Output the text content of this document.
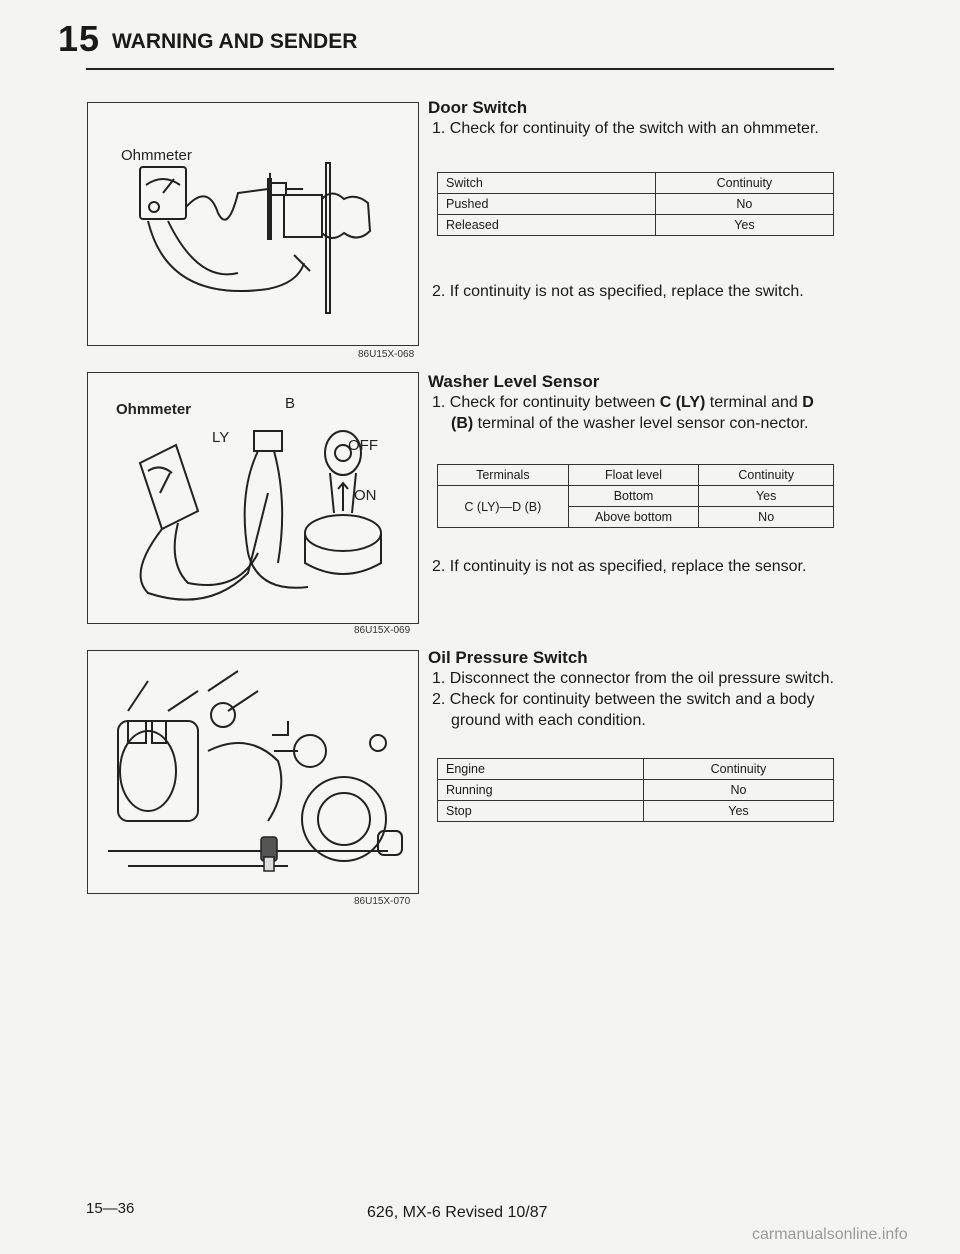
15 WARNING AND SENDER
Ohmmeter
86U15X-068
Ohmmeter	B
LY	OFF
ON
86U15X-069
86U15X-070
Door Switch
1. Check for continuity of the switch with an ohmmeter.
Switch	Continuity
Pushed	No
Released	Yes
2. If continuity is not as specified, replace the switch.
Washer Level Sensor
1. Check for continuity between C (LY) terminal and D (B) terminal of the washer level sensor con-nector.
Terminals	Float level	Continuity
C (LY)—D (B)	Bottom	Yes
	Above bottom	No
2. If continuity is not as specified, replace the sensor.
Oil Pressure Switch
1. Disconnect the connector from the oil pressure switch.
2. Check for continuity between the switch and a body ground with each condition.
Engine	Continuity
Running	No
Stop	Yes
15—36	626, MX-6 Revised 10/87
carmanualsonline.info
